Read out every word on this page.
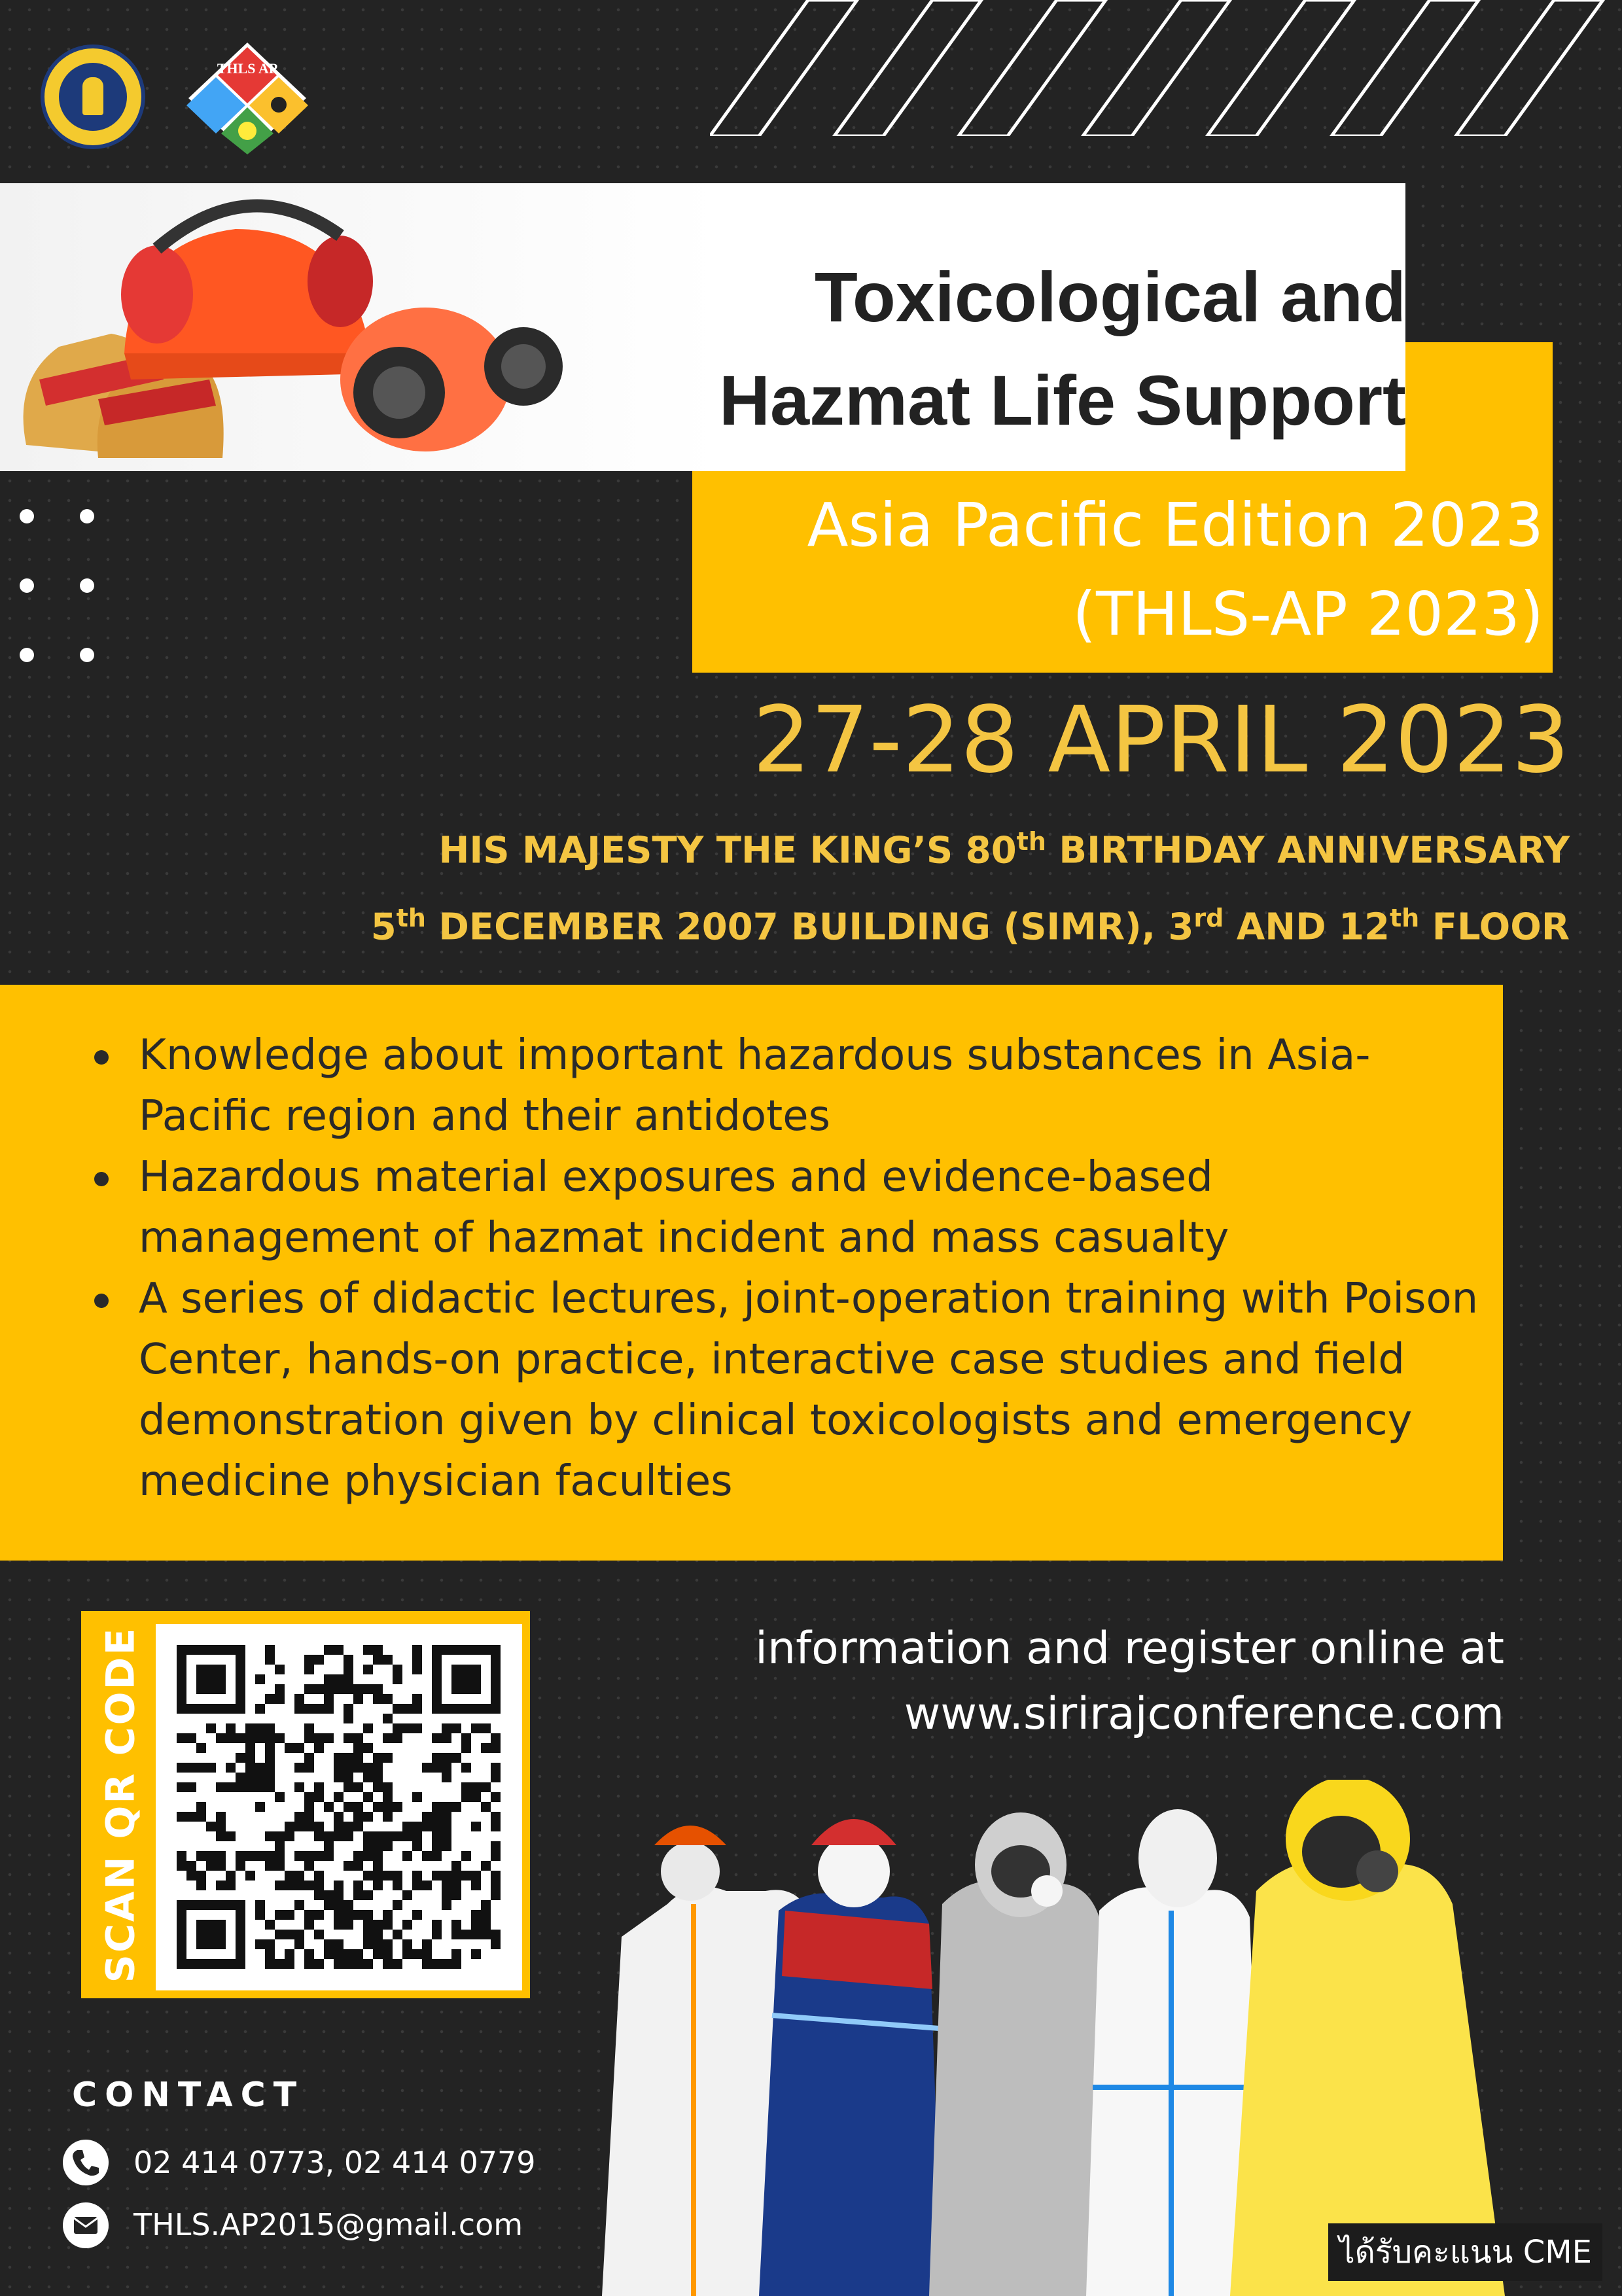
THLS AP
Toxicological and
Hazmat Life Support
Asia Pacific Edition 2023
(THLS-AP 2023)
27-28 APRIL 2023
HIS MAJESTY THE KING’S 80th BIRTHDAY ANNIVERSARY
5th DECEMBER 2007 BUILDING (SIMR), 3rd AND 12th FLOOR
Knowledge about important hazardous substances in Asia-Pacific region and their antidotes
Hazardous material exposures and evidence-based management of hazmat incident and mass casualty
A series of didactic lectures, joint-operation training with Poison Center, hands-on practice, interactive case studies and field demonstration given by clinical toxicologists and emergency medicine physician faculties
SCAN QR CODE	information and register online at
www.sirirajconference.com
ได้รับคะแนน CME
CONTACT
02 414 0773, 02 414 0779
THLS.AP2015@gmail.com
